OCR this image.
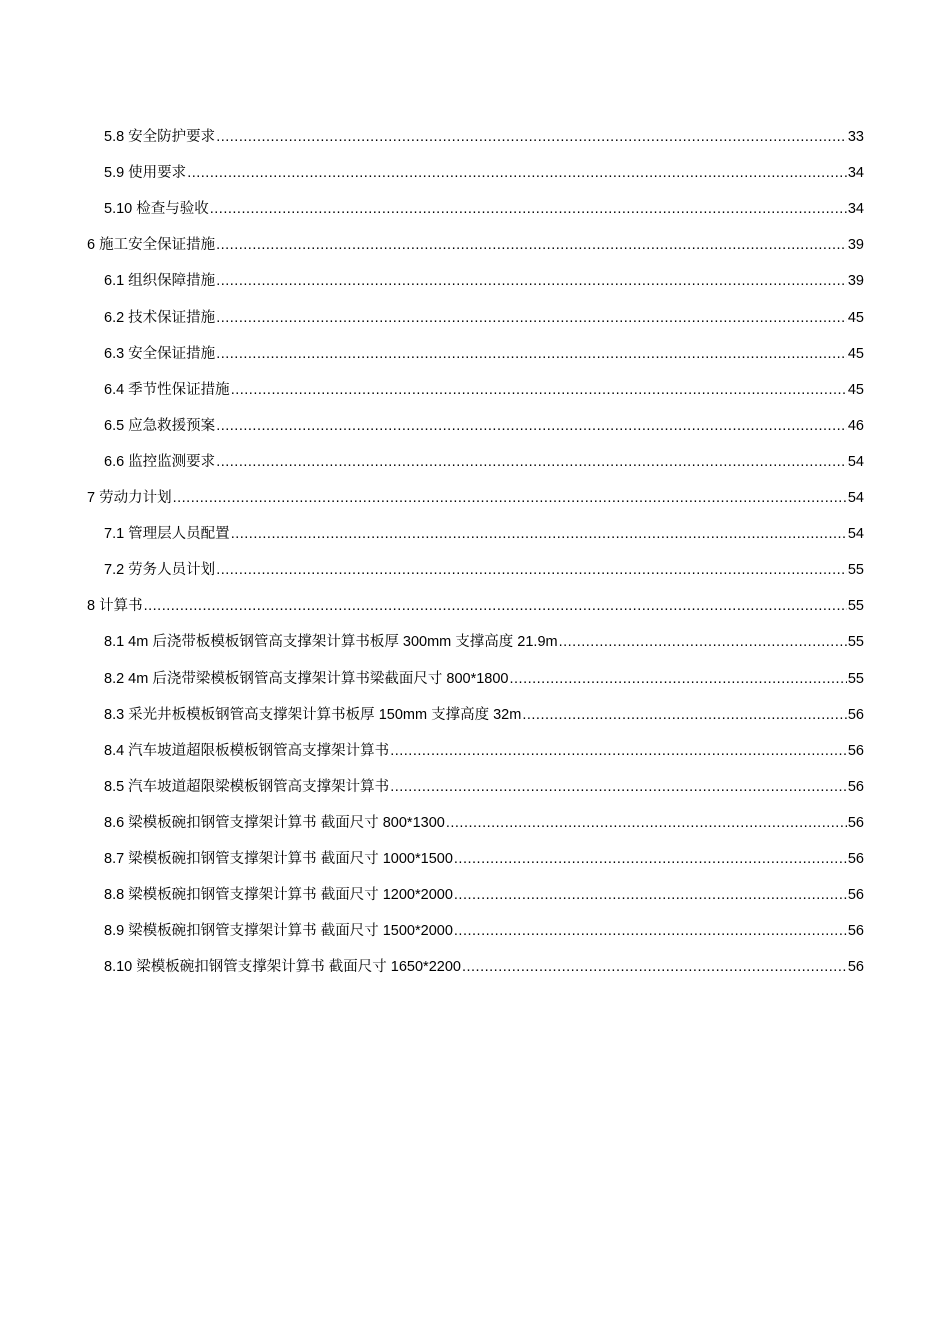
5.8 安全防护要求 .....	33
5.9 使用要求 .....	34
5.10 检查与验收 .....	34
6 施工安全保证措施 .....	39
6.1 组织保障措施 .....	39
6.2 技术保证措施 .....	45
6.3 安全保证措施 .....	45
6.4 季节性保证措施 .....	45
6.5 应急救援预案 .....	46
6.6 监控监测要求 .....	54
7 劳动力计划 .....	54
7.1 管理层人员配置 .....	54
7.2 劳务人员计划 .....	55
8 计算书 .....	55
8.1 4m 后浇带板模板钢管高支撑架计算书板厚 300mm 支撑高度 21.9m .....	55
8.2 4m 后浇带梁模板钢管高支撑架计算书梁截面尺寸 800*1800 .....	55
8.3 采光井板模板钢管高支撑架计算书板厚 150mm 支撑高度 32m .....	56
8.4 汽车坡道超限板模板钢管高支撑架计算书 .....	56
8.5 汽车坡道超限梁模板钢管高支撑架计算书 .....	56
8.6 梁模板碗扣钢管支撑架计算书 截面尺寸 800*1300 .....	56
8.7 梁模板碗扣钢管支撑架计算书 截面尺寸 1000*1500 .....	56
8.8 梁模板碗扣钢管支撑架计算书 截面尺寸 1200*2000 .....	56
8.9 梁模板碗扣钢管支撑架计算书 截面尺寸 1500*2000 .....	56
8.10 梁模板碗扣钢管支撑架计算书 截面尺寸 1650*2200 .....	56
